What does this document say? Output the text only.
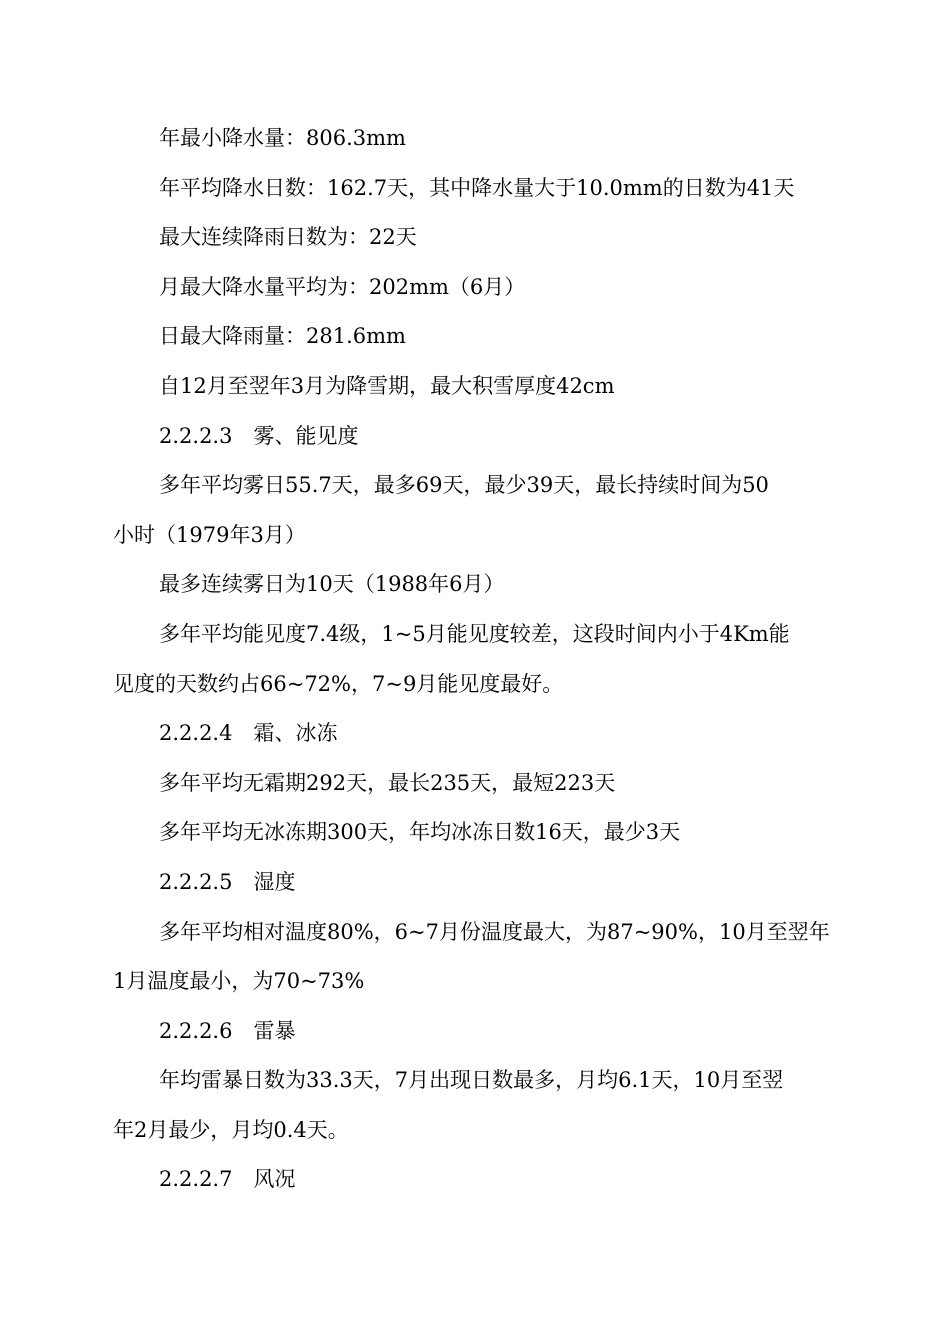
年最小降水量：806.3mm
年平均降水日数：162.7天，其中降水量大于10.0mm的日数为41天
最大连续降雨日数为：22天
月最大降水量平均为：202mm（6月）
日最大降雨量：281.6mm
自12月至翌年3月为降雪期，最大积雪厚度42cm
2.2.2.3　雾、能见度
多年平均雾日55.7天，最多69天，最少39天，最长持续时间为50
小时（1979年3月）
最多连续雾日为10天（1988年6月）
多年平均能见度7.4级，1~5月能见度较差，这段时间内小于4Km能
见度的天数约占66~72%，7~9月能见度最好。
2.2.2.4　霜、冰冻
多年平均无霜期292天，最长235天，最短223天
多年平均无冰冻期300天，年均冰冻日数16天，最少3天
2.2.2.5　湿度
多年平均相对温度80%，6~7月份温度最大，为87~90%，10月至翌年
1月温度最小，为70~73%
2.2.2.6　雷暴
年均雷暴日数为33.3天，7月出现日数最多，月均6.1天，10月至翌
年2月最少，月均0.4天。
2.2.2.7　风况
